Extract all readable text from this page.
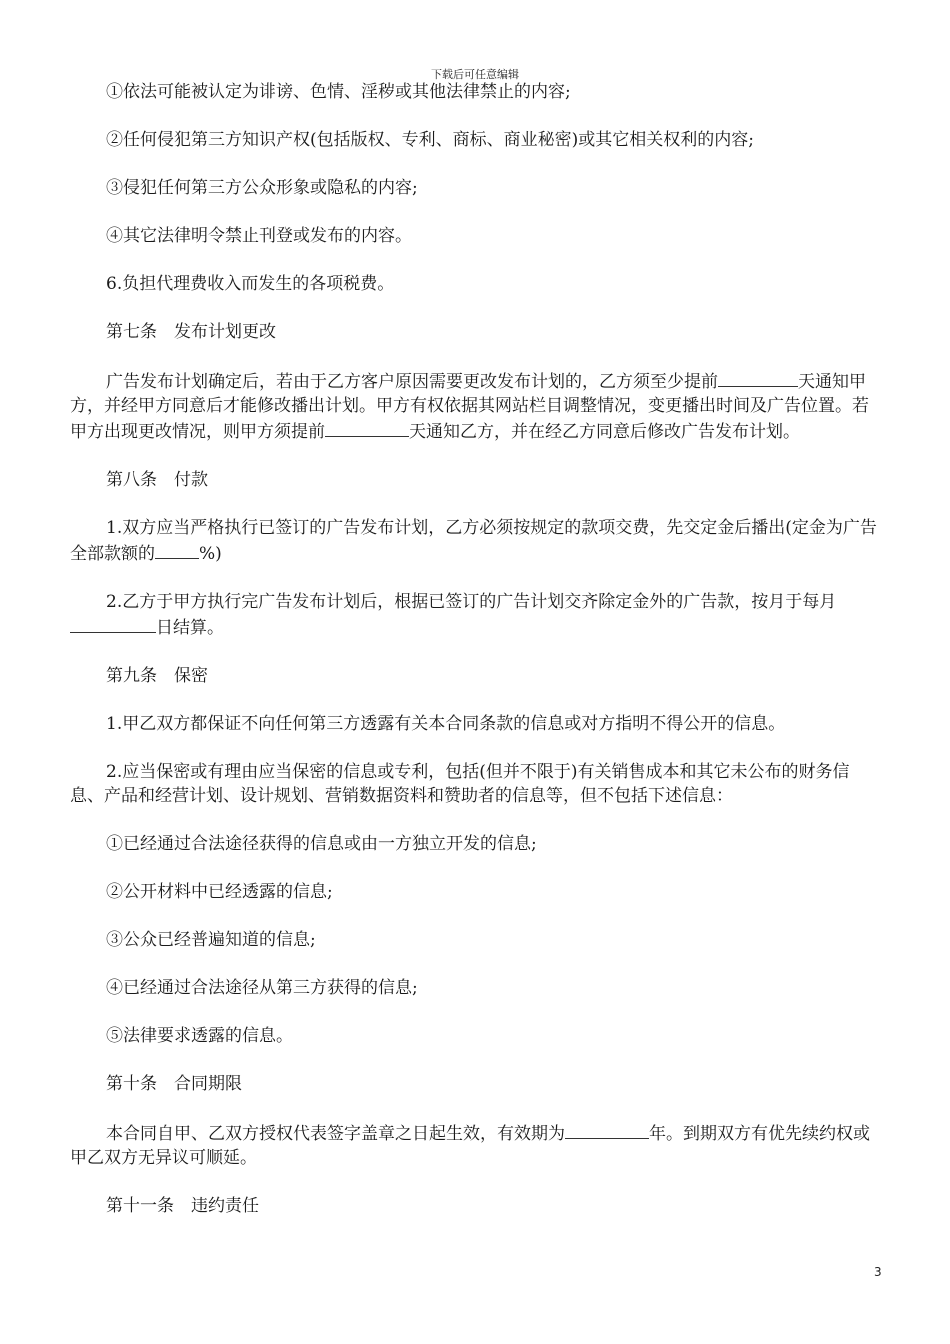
下载后可任意编辑

①依法可能被认定为诽谤、色情、淫秽或其他法律禁止的内容;

②任何侵犯第三方知识产权(包括版权、专利、商标、商业秘密)或其它相关权利的内容;

③侵犯任何第三方公众形象或隐私的内容;

④其它法律明令禁止刊登或发布的内容。

6.负担代理费收入而发生的各项税费。

第七条　发布计划更改

广告发布计划确定后，若由于乙方客户原因需要更改发布计划的，乙方须至少提前	天通知甲方，并经甲方同意后才能修改播出计划。甲方有权依据其网站栏目调整情况，变更播出时间及广告位置。若甲方出现更改情况，则甲方须提前	天通知乙方，并在经乙方同意后修改广告发布计划。

第八条　付款

1.双方应当严格执行已签订的广告发布计划，乙方必须按规定的款项交费，先交定金后播出(定金为广告全部款额的	%)

2.乙方于甲方执行完广告发布计划后，根据已签订的广告计划交齐除定金外的广告款，按月于每月日结算。

第九条　保密

1.甲乙双方都保证不向任何第三方透露有关本合同条款的信息或对方指明不得公开的信息。

2.应当保密或有理由应当保密的信息或专利，包括(但并不限于)有关销售成本和其它未公布的财务信息、产品和经营计划、设计规划、营销数据资料和赞助者的信息等，但不包括下述信息：

①已经通过合法途径获得的信息或由一方独立开发的信息;

②公开材料中已经透露的信息;

③公众已经普遍知道的信息;

④已经通过合法途径从第三方获得的信息;

⑤法律要求透露的信息。

第十条　合同期限

本合同自甲、乙双方授权代表签字盖章之日起生效，有效期为	年。到期双方有优先续约权或甲乙双方无异议可顺延。

第十一条　违约责任

3
